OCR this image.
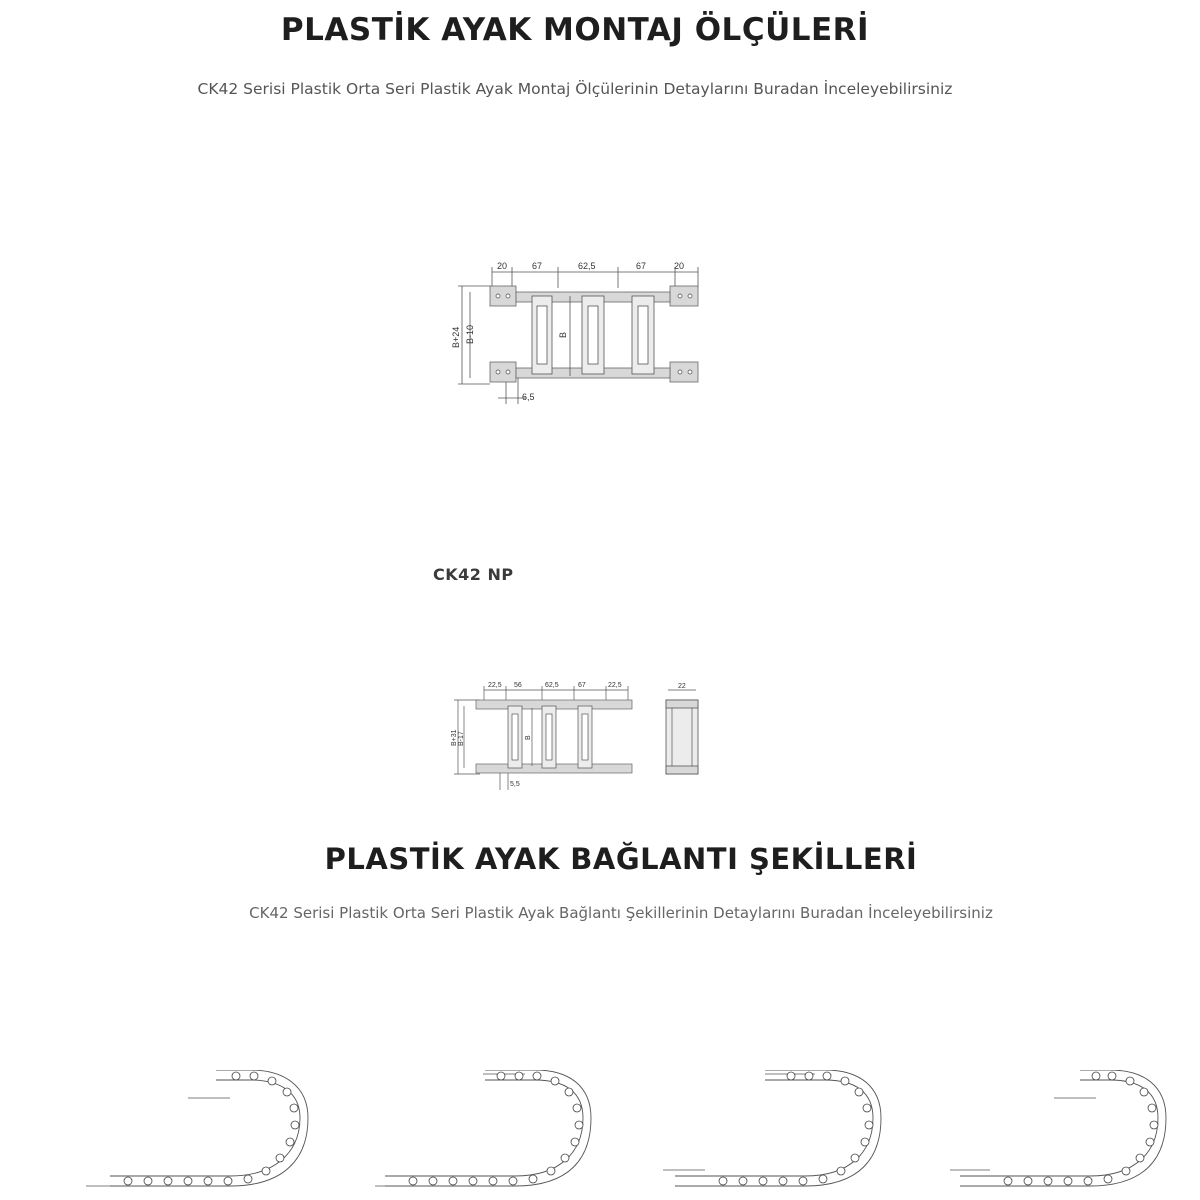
PLASTİK AYAK MONTAJ ÖLÇÜLERİ

CK42 Serisi Plastik Orta Seri Plastik Ayak Montaj Ölçülerinin Detaylarını Buradan İnceleyebilirsiniz

B
20	67	62,5	67	20
B+24 B-10
6,5
CK42 NP
B
22,5 56	62,5	67	22,5
B+31 B-17
5,5
22
PLASTİK AYAK BAĞLANTI ŞEKİLLERİ

CK42 Serisi Plastik Orta Seri Plastik Ayak Bağlantı Şekillerinin Detaylarını Buradan İnceleyebilirsiniz
